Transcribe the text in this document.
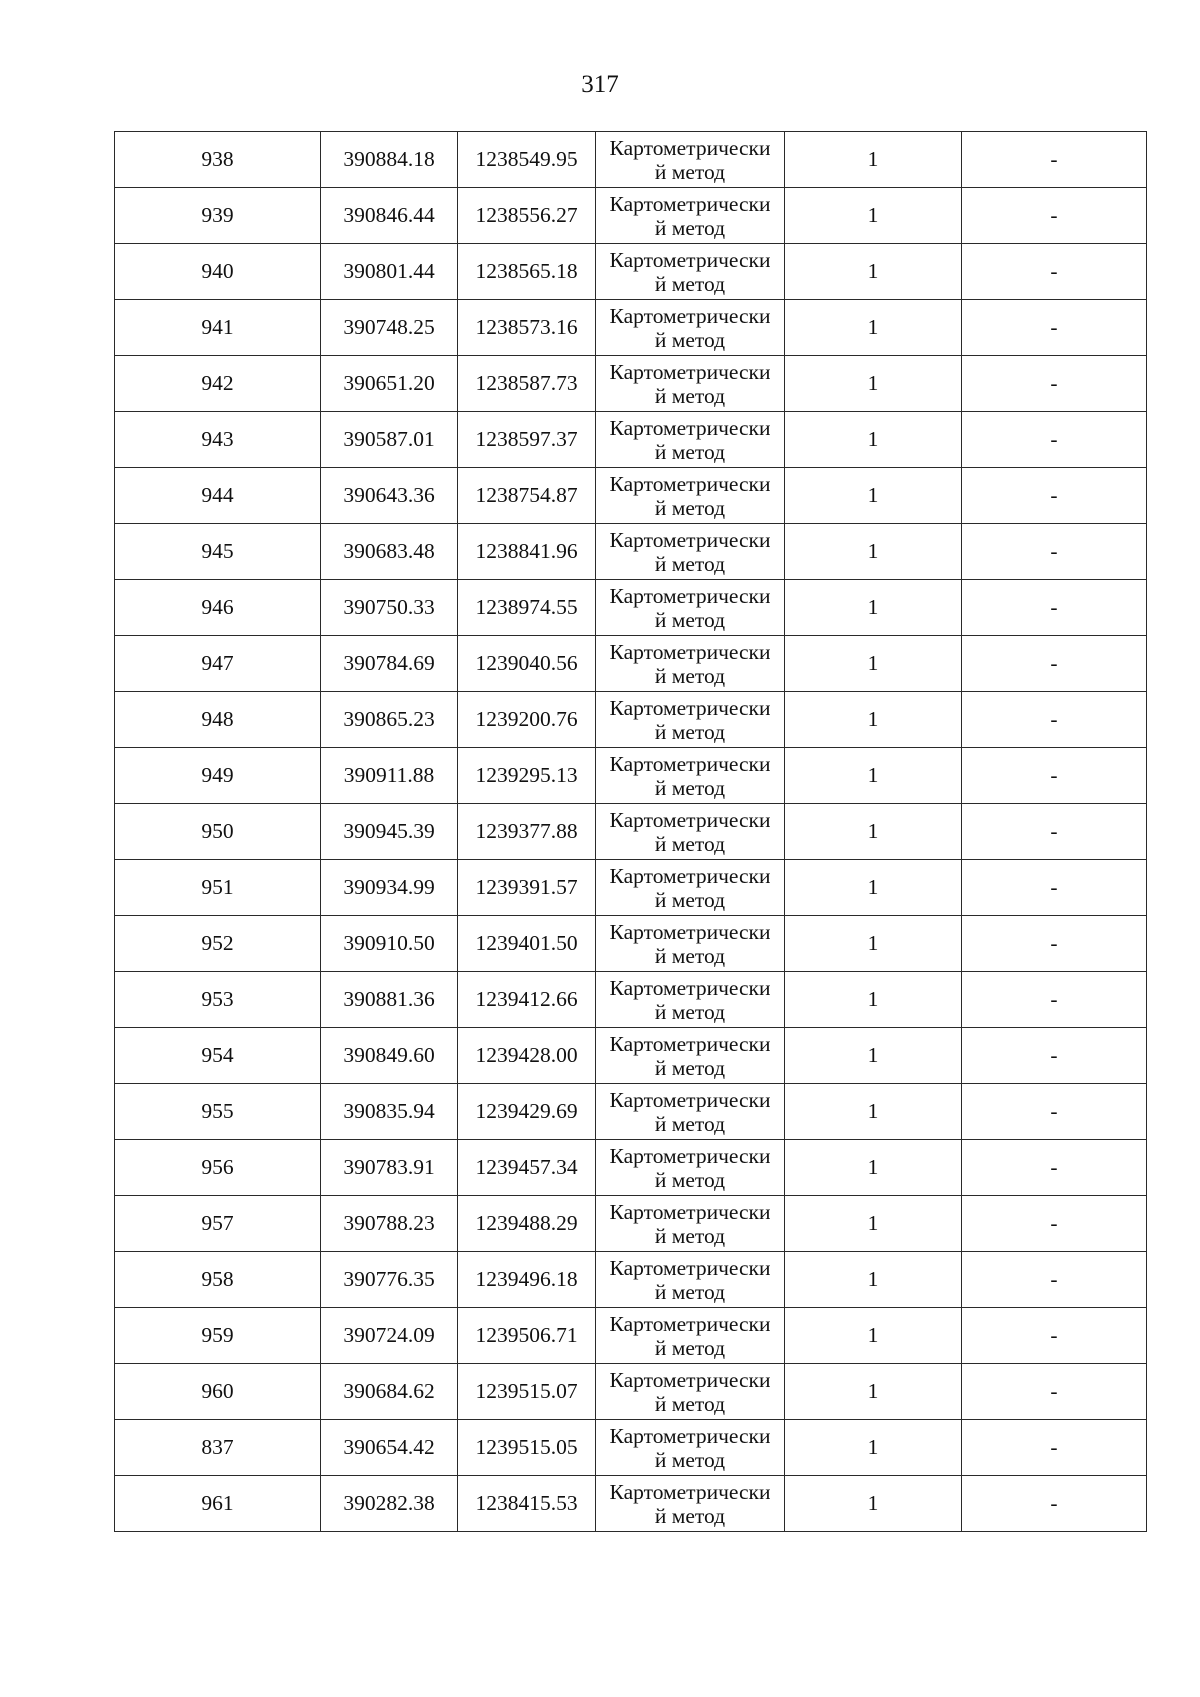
317
938	390884.18	1238549.95	Картометрически
й метод	1	-
939	390846.44	1238556.27	Картометрически
й метод	1	-
940	390801.44	1238565.18	Картометрически
й метод	1	-
941	390748.25	1238573.16	Картометрически
й метод	1	-
942	390651.20	1238587.73	Картометрически
й метод	1	-
943	390587.01	1238597.37	Картометрически
й метод	1	-
944	390643.36	1238754.87	Картометрически
й метод	1	-
945	390683.48	1238841.96	Картометрически
й метод	1	-
946	390750.33	1238974.55	Картометрически
й метод	1	-
947	390784.69	1239040.56	Картометрически
й метод	1	-
948	390865.23	1239200.76	Картометрически
й метод	1	-
949	390911.88	1239295.13	Картометрически
й метод	1	-
950	390945.39	1239377.88	Картометрически
й метод	1	-
951	390934.99	1239391.57	Картометрически
й метод	1	-
952	390910.50	1239401.50	Картометрически
й метод	1	-
953	390881.36	1239412.66	Картометрически
й метод	1	-
954	390849.60	1239428.00	Картометрически
й метод	1	-
955	390835.94	1239429.69	Картометрически
й метод	1	-
956	390783.91	1239457.34	Картометрически
й метод	1	-
957	390788.23	1239488.29	Картометрически
й метод	1	-
958	390776.35	1239496.18	Картометрически
й метод	1	-
959	390724.09	1239506.71	Картометрически
й метод	1	-
960	390684.62	1239515.07	Картометрически
й метод	1	-
837	390654.42	1239515.05	Картометрически
й метод	1	-
961	390282.38	1238415.53	Картометрически
й метод	1	-
